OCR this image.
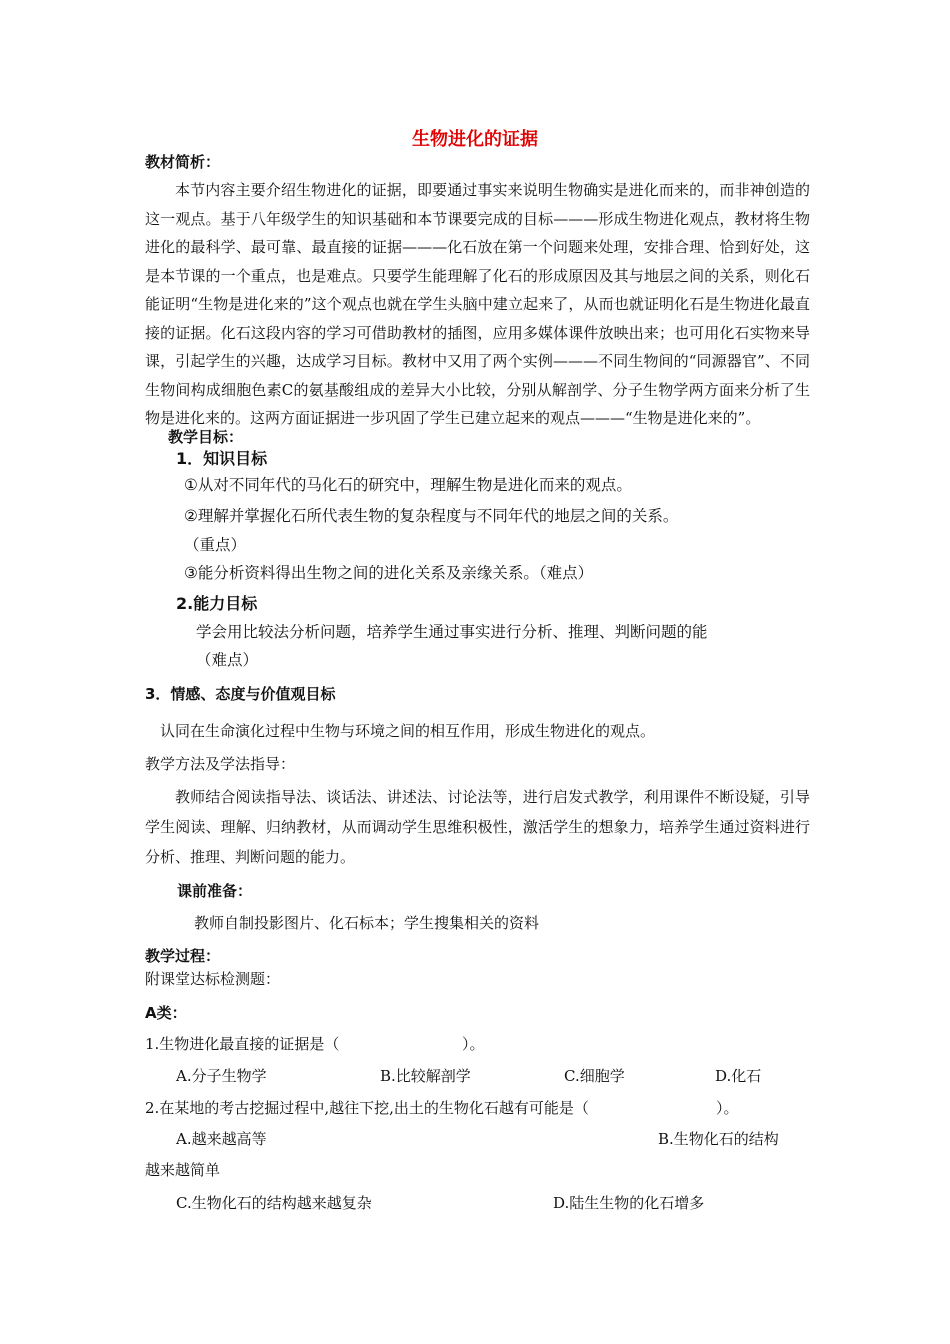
生物进化的证据
教材简析：
本节内容主要介绍生物进化的证据，即要通过事实来说明生物确实是进化而来的，而非神创造的这一观点。基于八年级学生的知识基础和本节课要完成的目标———形成生物进化观点，教材将生物进化的最科学、最可靠、最直接的证据———化石放在第一个问题来处理，安排合理、恰到好处，这是本节课的一个重点，也是难点。只要学生能理解了化石的形成原因及其与地层之间的关系，则化石能证明“生物是进化来的”这个观点也就在学生头脑中建立起来了，从而也就证明化石是生物进化最直接的证据。化石这段内容的学习可借助教材的插图，应用多媒体课件放映出来；也可用化石实物来导课，引起学生的兴趣，达成学习目标。教材中又用了两个实例———不同生物间的“同源器官”、不同生物间构成细胞色素C的氨基酸组成的差异大小比较，分别从解剖学、分子生物学两方面来分析了生物是进化来的。这两方面证据进一步巩固了学生已建立起来的观点———“生物是进化来的”。
教学目标：
1．知识目标
①从对不同年代的马化石的研究中，理解生物是进化而来的观点。
②理解并掌握化石所代表生物的复杂程度与不同年代的地层之间的关系。
（重点）
③能分析资料得出生物之间的进化关系及亲缘关系。（难点）
2.能力目标
学会用比较法分析问题，培养学生通过事实进行分析、推理、判断问题的能
（难点）
3．情感、态度与价值观目标
认同在生命演化过程中生物与环境之间的相互作用，形成生物进化的观点。
教学方法及学法指导：
教师结合阅读指导法、谈话法、讲述法、讨论法等，进行启发式教学，利用课件不断设疑，引导学生阅读、理解、归纳教材，从而调动学生思维积极性，激活学生的想象力，培养学生通过资料进行分析、推理、判断问题的能力。
课前准备：
教师自制投影图片、化石标本；学生搜集相关的资料
教学过程：
附课堂达标检测题：
A类：
1.生物进化最直接的证据是（	）。
A.分子生物学	B.比较解剖学	C.细胞学	D.化石
2.在某地的考古挖掘过程中,越往下挖,出土的生物化石越有可能是（	）。
A.越来越高等	B.生物化石的结构
越来越简单
C.生物化石的结构越来越复杂	D.陆生生物的化石增多
